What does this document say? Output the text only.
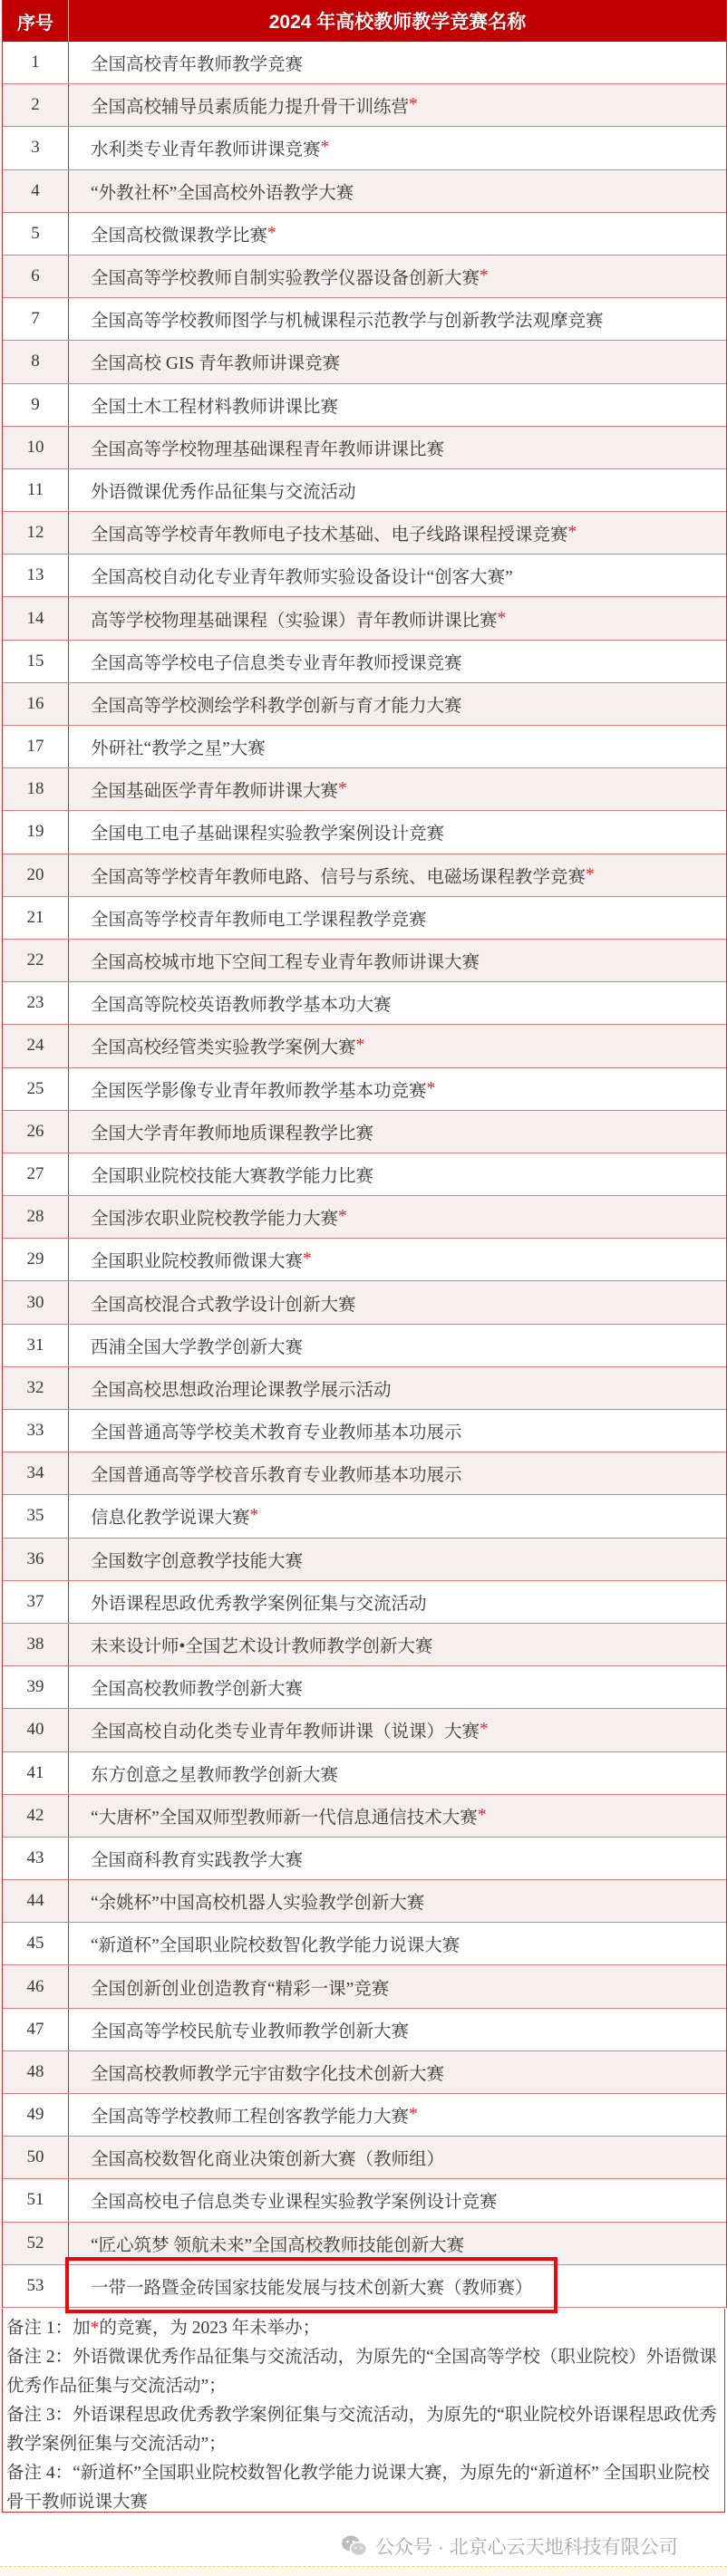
序号	2024 年高校教师教学竞赛名称
1	全国高校青年教师教学竞赛
2	全国高校辅导员素质能力提升骨干训练营 *
3	水利类专业青年教师讲课竞赛 *
4	“外教社杯”全国高校外语教学大赛
5	全国高校微课教学比赛 *
6	全国高等学校教师自制实验教学仪器设备创新大赛 *
7	全国高等学校教师图学与机械课程示范教学与创新教学法观摩竞赛
8	全国高校 GIS 青年教师讲课竞赛
9	全国土木工程材料教师讲课比赛
10	全国高等学校物理基础课程青年教师讲课比赛
11	外语微课优秀作品征集与交流活动
12	全国高等学校青年教师电子技术基础、电子线路课程授课竞赛 *
13	全国高校自动化专业青年教师实验设备设计“创客大赛”
14	高等学校物理基础课程（实验课）青年教师讲课比赛 *
15	全国高等学校电子信息类专业青年教师授课竞赛
16	全国高等学校测绘学科教学创新与育才能力大赛
17	外研社“教学之星”大赛
18	全国基础医学青年教师讲课大赛 *
19	全国电工电子基础课程实验教学案例设计竞赛
20	全国高等学校青年教师电路、信号与系统、电磁场课程教学竞赛 *
21	全国高等学校青年教师电工学课程教学竞赛
22	全国高校城市地下空间工程专业青年教师讲课大赛
23	全国高等院校英语教师教学基本功大赛
24	全国高校经管类实验教学案例大赛 *
25	全国医学影像专业青年教师教学基本功竞赛 *
26	全国大学青年教师地质课程教学比赛
27	全国职业院校技能大赛教学能力比赛
28	全国涉农职业院校教学能力大赛 *
29	全国职业院校教师微课大赛 *
30	全国高校混合式教学设计创新大赛
31	西浦全国大学教学创新大赛
32	全国高校思想政治理论课教学展示活动
33	全国普通高等学校美术教育专业教师基本功展示
34	全国普通高等学校音乐教育专业教师基本功展示
35	信息化教学说课大赛 *
36	全国数字创意教学技能大赛
37	外语课程思政优秀教学案例征集与交流活动
38	未来设计师•全国艺术设计教师教学创新大赛
39	全国高校教师教学创新大赛
40	全国高校自动化类专业青年教师讲课（说课）大赛 *
41	东方创意之星教师教学创新大赛
42	“大唐杯”全国双师型教师新一代信息通信技术大赛 *
43	全国商科教育实践教学大赛
44	“余姚杯”中国高校机器人实验教学创新大赛
45	“新道杯”全国职业院校数智化教学能力说课大赛
46	全国创新创业创造教育“精彩一课”竞赛
47	全国高等学校民航专业教师教学创新大赛
48	全国高校教师教学元宇宙数字化技术创新大赛
49	全国高等学校教师工程创客教学能力大赛 *
50	全国高校数智化商业决策创新大赛（教师组）
51	全国高校电子信息类专业课程实验教学案例设计竞赛
52	“匠心筑梦 领航未来”全国高校教师技能创新大赛
53	一带一路暨金砖国家技能发展与技术创新大赛（教师赛）

备注 1：加*的竞赛，为 2023 年未举办；

备注 2：外语微课优秀作品征集与交流活动，为原先的“全国高等学校（职业院校）外语微课优秀作品征集与交流活动”；

备注 3：外语课程思政优秀教学案例征集与交流活动，为原先的“职业院校外语课程思政优秀教学案例征集与交流活动”；

备注 4：“新道杯”全国职业院校数智化教学能力说课大赛，为原先的“新道杯” 全国职业院校骨干教师说课大赛

公众号 · 北京心云天地科技有限公司
